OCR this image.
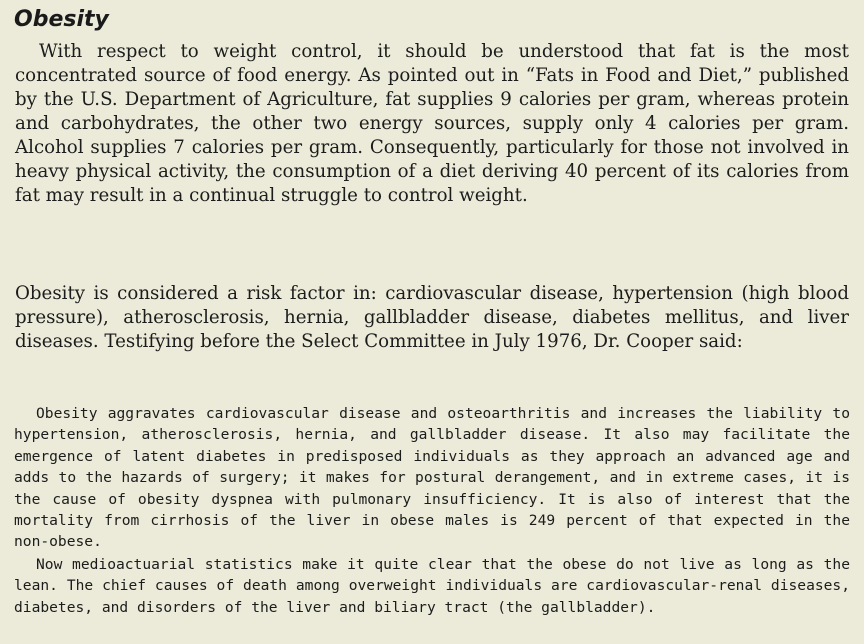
Obesity

With respect to weight control, it should be understood that fat is the most concentrated source of food energy. As pointed out in “Fats in Food and Diet,” published by the U.S. Department of Agriculture, fat supplies 9 calories per gram, whereas protein and carbohydrates, the other two energy sources, supply only 4 calories per gram. Alcohol supplies 7 calories per gram. Consequently, particularly for those not involved in heavy physical activity, the consumption of a diet deriving 40 percent of its calories from fat may result in a continual struggle to control weight.

Obesity is considered a risk factor in: cardiovascular disease, hypertension (high blood pressure), atherosclerosis, hernia, gallbladder disease, diabetes mellitus, and liver diseases. Testifying before the Select Committee in July 1976, Dr. Cooper said:

Obesity aggravates cardiovascular disease and osteoarthritis and increases the liability to hypertension, atherosclerosis, hernia, and gallbladder disease. It also may facilitate the emergence of latent diabetes in predisposed individuals as they approach an advanced age and adds to the hazards of surgery; it makes for postural derangement, and in extreme cases, it is the cause of obesity dyspnea with pulmonary insufficiency. It is also of interest that the mortality from cirrhosis of the liver in obese males is 249 percent of that expected in the non-obese.

Now medioactuarial statistics make it quite clear that the obese do not live as long as the lean. The chief causes of death among overweight individuals are cardiovascular-renal diseases, diabetes, and disorders of the liver and biliary tract (the gallbladder).
